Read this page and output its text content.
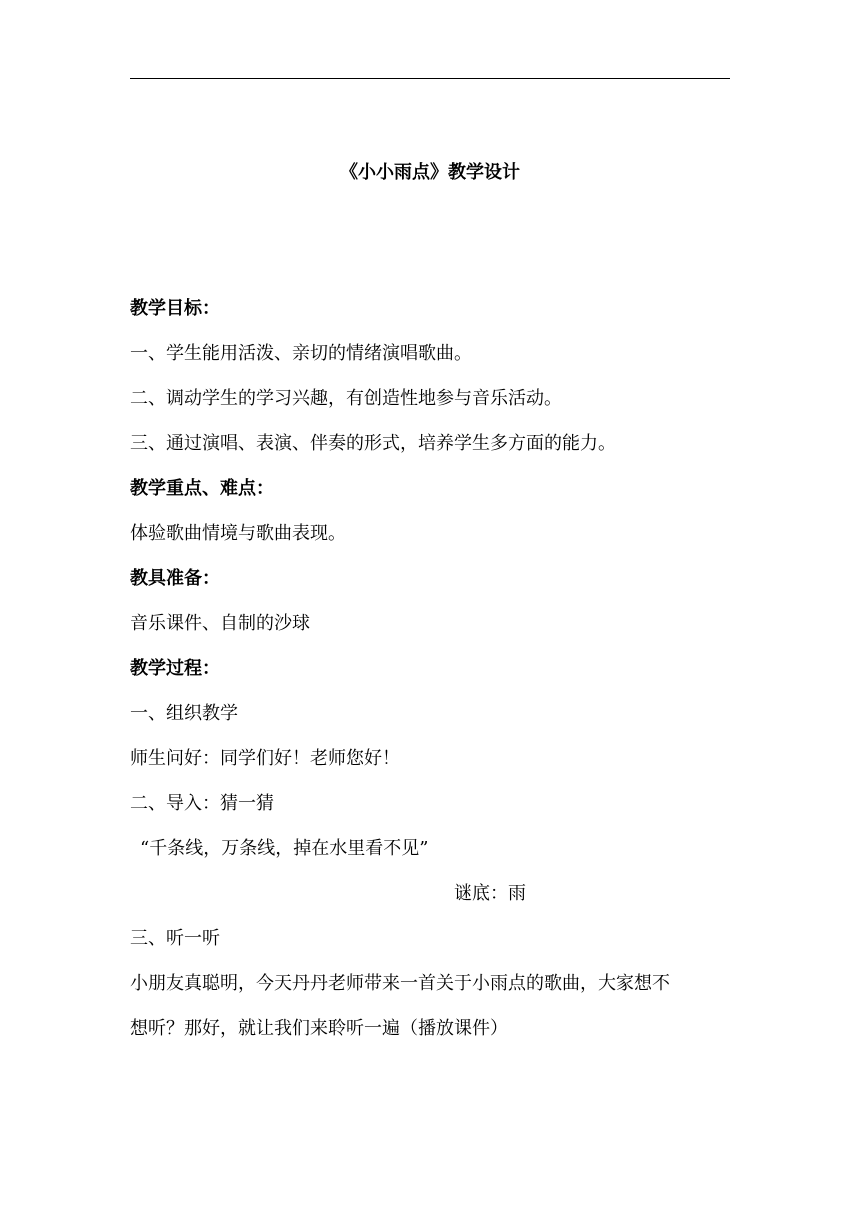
《小小雨点》教学设计
教学目标：
一、学生能用活泼、亲切的情绪演唱歌曲。
二、调动学生的学习兴趣，有创造性地参与音乐活动。
三、通过演唱、表演、伴奏的形式，培养学生多方面的能力。
教学重点、难点：
体验歌曲情境与歌曲表现。
教具准备：
音乐课件、自制的沙球
教学过程：
一、组织教学
师生问好：同学们好！老师您好！
二、导入：猜一猜
“千条线，万条线，掉在水里看不见”
谜底：雨
三、听一听
小朋友真聪明，今天丹丹老师带来一首关于小雨点的歌曲，大家想不
想听？那好，就让我们来聆听一遍（播放课件）
